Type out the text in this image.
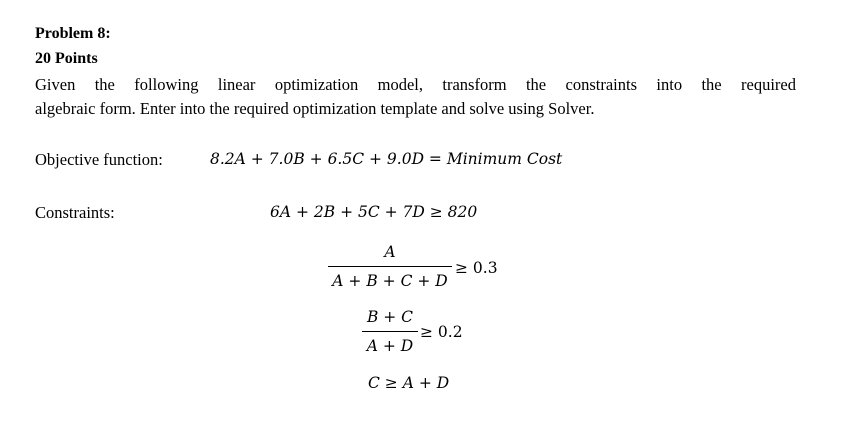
Problem 8:
20 Points
Given the following linear optimization model, transform the constraints into the required
algebraic form. Enter into the required optimization template and solve using Solver.
Objective function:	8.2A + 7.0B + 6.5C + 9.0D = Minimum Cost
Constraints:	6A + 2B + 5C + 7D ≥ 820
A
A + B + C + D
≥ 0.3
B + C
A + D
≥ 0.2
C ≥ A + D
